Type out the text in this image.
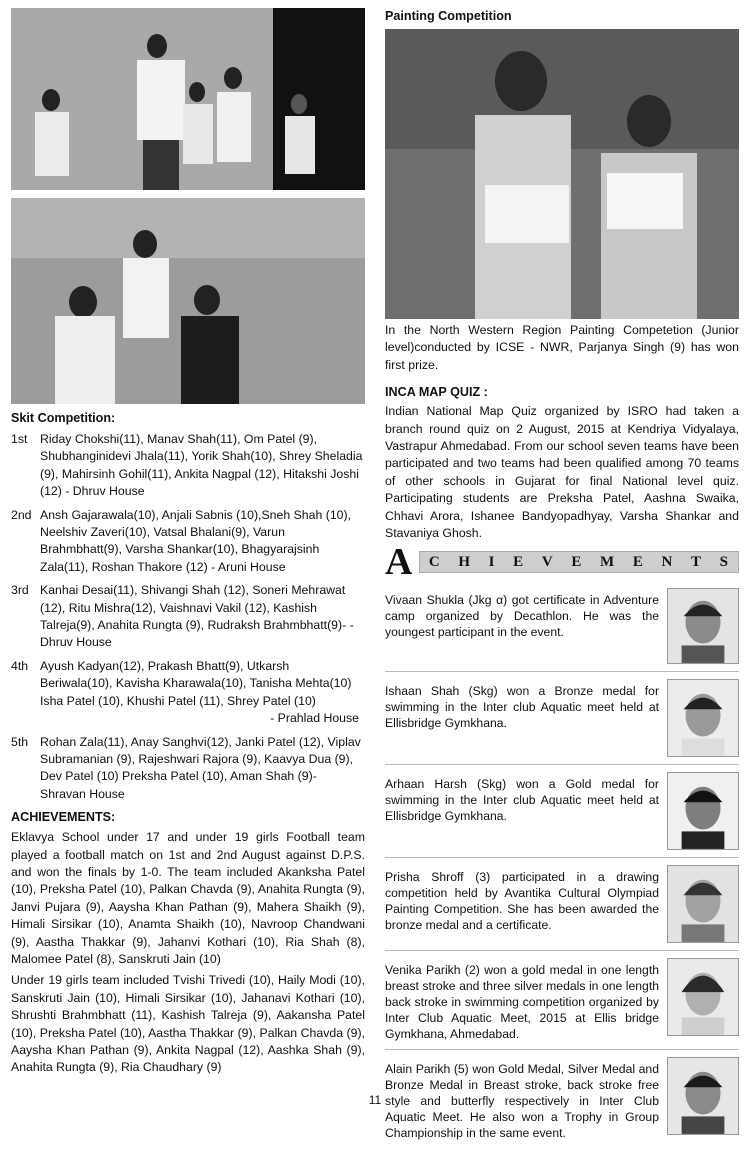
Skit Competition:
1st	Riday Chokshi(11), Manav Shah(11), Om Patel (9), Shubhanginidevi Jhala(11), Yorik Shah(10), Shrey Sheladia (9), Mahirsinh Gohil(11), Ankita Nagpal (12), Hitakshi Joshi (12) - Dhruv House
2nd Ansh Gajarawala(10), Anjali Sabnis (10),Sneh Shah (10), Neelshiv Zaveri(10), Vatsal Bhalani(9), Varun Brahmbhatt(9), Varsha Shankar(10), Bhagyarajsinh Zala(11), Roshan Thakore (12) - Aruni House
3rd Kanhai Desai(11), Shivangi Shah (12), Soneri Mehrawat (12), Ritu Mishra(12), Vaishnavi Vakil (12), Kashish Talreja(9), Anahita Rungta (9), Rudraksh Brahmbhatt(9)- - Dhruv House
4th Ayush Kadyan(12), Prakash Bhatt(9), Utkarsh Beriwala(10), Kavisha Kharawala(10), Tanisha Mehta(10) Isha Patel (10), Khushi Patel (11), Shrey Patel (10)
- Prahlad House
5th Rohan Zala(11), Anay Sanghvi(12), Janki Patel (12), Viplav Subramanian (9), Rajeshwari Rajora (9), Kaavya Dua (9), Dev Patel (10) Preksha Patel (10), Aman Shah (9)- Shravan House
ACHIEVEMENTS:

Eklavya School under 17 and under 19 girls Football team played a football match on 1st and 2nd August against D.P.S. and won the finals by 1-0. The team included Akanksha Patel (10), Preksha Patel (10), Palkan Chavda (9), Anahita Rungta (9), Janvi Pujara (9), Aaysha Khan Pathan (9), Mahera Shaikh (9), Himali Sirsikar (10), Anamta Shaikh (10), Navroop Chandwani (9), Aastha Thakkar (9), Jahanvi Kothari (10), Ria Shah (8), Malomee Patel (8), Sanskruti Jain (10)

Under 19 girls team included Tvishi Trivedi (10), Haily Modi (10), Sanskruti Jain (10), Himali Sirsikar (10), Jahanavi Kothari (10), Shrushti Brahmbhatt (11), Kashish Talreja (9), Aakansha Patel (10), Preksha Patel (10), Aastha Thakkar (9), Palkan Chavda (9), Aaysha Khan Pathan (9), Ankita Nagpal (12), Aashka Shah (9), Anahita Rungta (9), Ria Chaudhary (9)

Painting Competition

In the North Western Region Painting Competetion (Junior level)conducted by ICSE - NWR, Parjanya Singh (9) has won first prize.

INCA MAP QUIZ :

Indian National Map Quiz organized by ISRO had taken a branch round quiz on 2 August, 2015 at Kendriya Vidyalaya, Vastrapur Ahmedabad. From our school seven teams have been participated and two teams had been qualified among 70 teams of other schools in Gujarat for final National level quiz. Participating students are Preksha Patel, Aashna Swaika, Chhavi Arora, Ishanee Bandyopadhyay, Varsha Shankar and Stavaniya Ghosh.

A	C H I E V E M E N T S

Vivaan Shukla (Jkg α) got certificate in Adventure camp organized by Decathlon. He was the youngest participant in the event.

Ishaan Shah (Skg) won a Bronze medal for swimming in the Inter club Aquatic meet held at Ellisbridge Gymkhana.

Arhaan Harsh (Skg) won a Gold medal for swimming in the Inter club Aquatic meet held at Ellisbridge Gymkhana.

Prisha Shroff (3) participated in a drawing competition held by Avantika Cultural Olympiad Painting Competition. She has been awarded the bronze medal and a certificate.

Venika Parikh (2) won a gold medal in one length breast stroke and three silver medals in one length back stroke in swimming competition organized by Inter Club Aquatic Meet, 2015 at Ellis bridge Gymkhana, Ahmedabad.

Alain Parikh (5) won Gold Medal, Silver Medal and Bronze Medal in Breast stroke, back stroke free style and butterfly respectively in Inter Club Aquatic Meet. He also won a Trophy in Group Championship in the same event.

11
